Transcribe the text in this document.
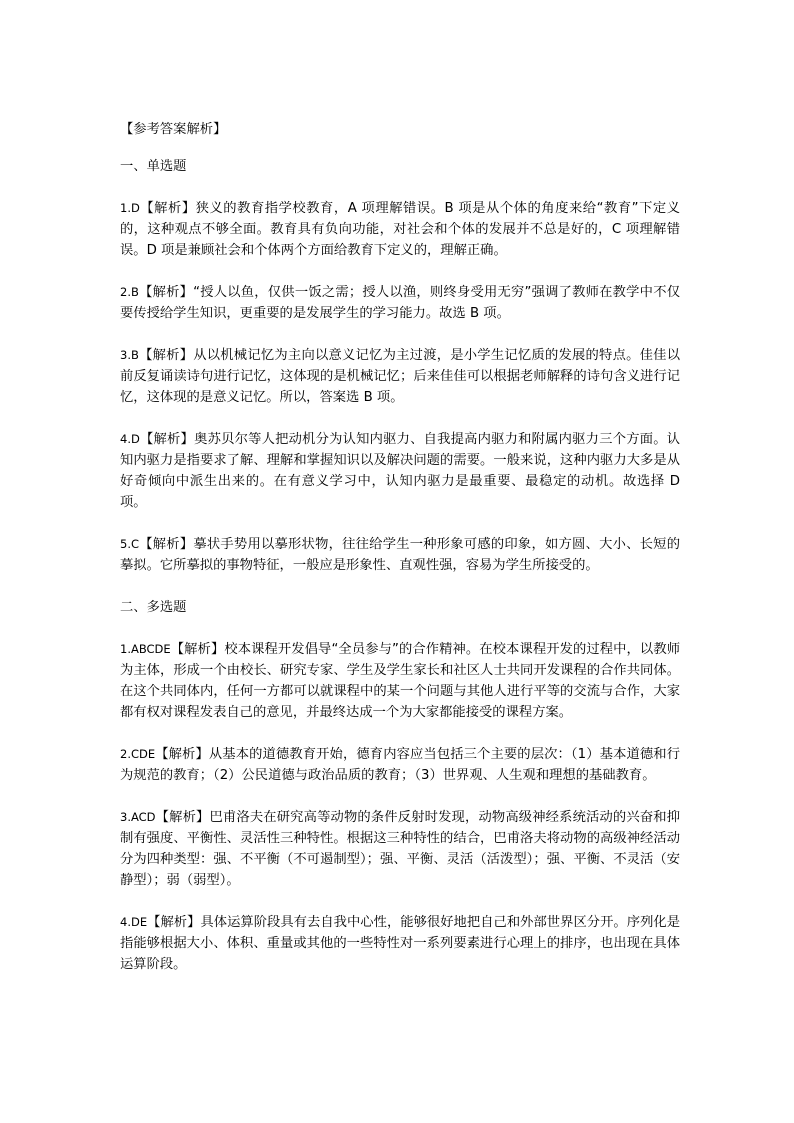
【参考答案解析】

一、单选题

1.D【解析】狭义的教育指学校教育，A 项理解错误。B 项是从个体的角度来给“教育”下定义的，这种观点不够全面。教育具有负向功能，对社会和个体的发展并不总是好的，C 项理解错误。D 项是兼顾社会和个体两个方面给教育下定义的，理解正确。

2.B【解析】“授人以鱼，仅供一饭之需；授人以渔，则终身受用无穷”强调了教师在教学中不仅要传授给学生知识，更重要的是发展学生的学习能力。故选 B 项。

3.B【解析】从以机械记忆为主向以意义记忆为主过渡，是小学生记忆质的发展的特点。佳佳以前反复诵读诗句进行记忆，这体现的是机械记忆；后来佳佳可以根据老师解释的诗句含义进行记忆，这体现的是意义记忆。所以，答案选 B 项。

4.D【解析】奥苏贝尔等人把动机分为认知内驱力、自我提高内驱力和附属内驱力三个方面。认知内驱力是指要求了解、理解和掌握知识以及解决问题的需要。一般来说，这种内驱力大多是从好奇倾向中派生出来的。在有意义学习中，认知内驱力是最重要、最稳定的动机。故选择 D 项。

5.C【解析】摹状手势用以摹形状物，往往给学生一种形象可感的印象，如方圆、大小、长短的摹拟。它所摹拟的事物特征，一般应是形象性、直观性强，容易为学生所接受的。

二、多选题

1.ABCDE【解析】校本课程开发倡导“全员参与”的合作精神。在校本课程开发的过程中，以教师为主体，形成一个由校长、研究专家、学生及学生家长和社区人士共同开发课程的合作共同体。在这个共同体内，任何一方都可以就课程中的某一个问题与其他人进行平等的交流与合作，大家都有权对课程发表自己的意见，并最终达成一个为大家都能接受的课程方案。

2.CDE【解析】从基本的道德教育开始，德育内容应当包括三个主要的层次：（1）基本道德和行为规范的教育；（2）公民道德与政治品质的教育；（3）世界观、人生观和理想的基础教育。

3.ACD【解析】巴甫洛夫在研究高等动物的条件反射时发现，动物高级神经系统活动的兴奋和抑制有强度、平衡性、灵活性三种特性。根据这三种特性的结合，巴甫洛夫将动物的高级神经活动分为四种类型：强、不平衡（不可遏制型）；强、平衡、灵活（活泼型）；强、平衡、不灵活（安静型）；弱（弱型）。

4.DE【解析】具体运算阶段具有去自我中心性，能够很好地把自己和外部世界区分开。序列化是指能够根据大小、体积、重量或其他的一些特性对一系列要素进行心理上的排序，也出现在具体运算阶段。
